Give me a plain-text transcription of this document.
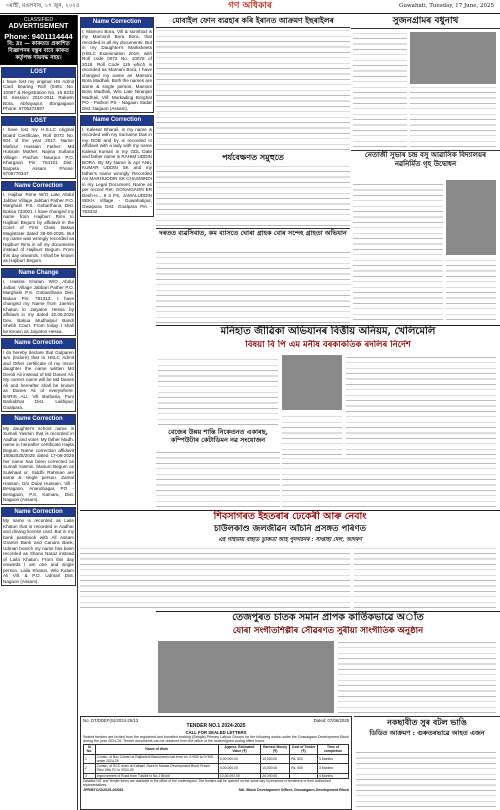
৩মাহী, মঙলবাৰ, ১৭ জুন, ২০২৫	গণ অধিকাৰ	Guwahati, Tuesday, 17 June, 2025
CLASSIFIED
ADVERTISEMENT
Phone: 9401114444
বি: দ্ৰঃ — কাকতত প্ৰকাশিত বিজ্ঞাপনৰ বস্তুৰ বাবে কাকত কৰ্তৃপক্ষ দায়বদ্ধ নহয়।
LOST
I have lost my original HS Admit Card bearing Roll (0491 No. 10087 & Registration No. 16 8232 Sl. Session: 2010-2011. Rakesh Bora, Abhayapur, Bongaigaon Phone: 9706374897
LOST
I have lost my H.S.LC original Board Certificate, Roll 0072 No. 504 of the year 2017. Name: Mafizur Hussain Father: Md Hussain Mother: Najma Sultana Village: Pachim Naurpur P.O. Khargaon Pin: 784101 Dist.: Barpeta Assam Phone: 9706770347
Name Correction
I, Hajibur Rime W/O Late Abdul Jabbar Village Jabbari Pather P.O. Marghalir P.S. Gobarthana Dist. Bokoa 733001. I have changed my name from Hajiburr Rimi to Hajibari Begum by affidavit in the Court of First Class Bakua Magistrate dated 28-06-2025. But my name was wrongly recorded as Hajiburr Rimi in all my documents instead of Hajiburr Begum. From this day onwards, I shall be known as Hajiburr Begum.
Name Change
I, Hasina Khatun W/O Abdul Jalbar, Village Jabbari Pather P.O. Marghalir P.S. Gobardhana Dist. Bakua Pin: 781313. I have changed my Name from Jaemin Khatun to Jaiyaton Hessa by affidavit in my dated 10.06.2025 Dev. Bakua Mudhalpur Bandi Shebh Court. From today I shall be known as Jaiyaton Hessa.
Name Correction
I do hereby declare that Gulparen w/o (Indore) that in HSLC Admit and Other certificate of my minor daughter the name written Md Deroti Ali instead of Md Danes Ali. My correct name will be Md Danes Ali and hereafter shall be known as Danes Ali of everywhere. BARIS ALI, Vill Barbaria, Puni Barkabhat Dist. Lakhipur, Goalpara.
Name Correction
My daughter's school name is Sumali Yasmin that is recorded in Aadhar and voter. My father Madh. name in hereafter certificate Hajita Begum. Name correction affidavit 18062025/2025 dated 17-06-2025 her name has been corrected as Sumali Yasmin. Marium Begum as Sulehaat ur. Siddhi Rahman are same & single person. Zamal Hassan, D/o Dulal Hussain, Vill - Beragaon, Anandnagar, PO - Beragaon, P.S. Kamaru, Dist. Nagaon (Assam).
Name Correction
My name is recorded as Laila Khatun that is recorded in Aadhar and driving license card. But in my bank passbook with All Assam Gramin Bank and Canara Bank, Udmari branch my name has been recorded as Shana Naraz instead of Laila Khatun. From this day onwards I am one and single person. Laila Khatun, W/o Kalam Ali Vill. & P.O. Udmari Dist. Nagaon (Assam).
Name Correction
I, Mamoni Bora, Vill & sunshod is my Mamonil Bora Bora, that recorded in all my documents. But in my Daughter's Marksheets (HSLC Examination 2018, with Roll code 0072 No. 10078 of 2018. Roll Code 115 which is recorded as Mamani Bora, I have changed my name as Mamoni Bora Madhali. Both the names are same & single person. Mamoni Bora Madhali, W/o Late Niranjan Madhali, Vill: Murkading Borghat PO - Pathori PS - Nagaon Sadar Dist: Nagaon (Assam).
Name Correction
I, Kalesar Bharali, in my name is recorded with my Surname Das in my DOB and by is recorded in Affidavit with a lady with my name Kalesa Kumari in my GDL Date and father name is RAHIM UDDIN BORA. By My Name in Apr ANIL KUMAR UDDIN SK and my father's name wrongly Recorded AS MARHUDDIN SK CHASMINDI in my Legal Document. Name as per record Ret: GOSAIGAON ER Desh-H... 9 3 PS, JAMALUDDIN SEKH Village - Guwahatipur, Gwalpara Dist: Goalpara Pin - 783332.
মোবাইল ফোন ব্যৱহাৰ কৰি ইৰানত আক্ৰমণ ইছৰাইলৰ
পৰ্যবেক্ষণত সমুহুতে
দৰতত ব্যৱসিবাত, কম ব্যাসতে ঘোৰা গ্ৰাহক বোৰ সন্দেহ গ্ৰাহতা অভিযান
সুজনগ্ৰামৰ বধুনাথ
নেতাজী সুভাষ চন্দ্ৰ বসু আৱাসিক বিদ্যালয়ৰ নৱনিৰ্মিত গৃহ উদ্বোধন
মনিহাত জীৱিকা অভিযানৰ বিত্তীয় অনিয়ম, খেলিমেলি
বিষয়া বি পি এম মনীষ বৰকাকতিক ৰদলিৰ নিৰ্দেশ
বেজেৰ উন্নয় শান্তি নিকেতনত একাৰছ, কম্পিউটাৰ কেটাডিমন নৱ সংযোজন
শিবসাগৰত ইহতৰাৰ ঢেকেৰী আৰু নেবাং
চাউলকাণ্ড জলজীৱন আঁচনি প্ৰসঙ্গত পৰিণত
এই গাইডীয় বাহাত ডুকিতা আই পুনৰ্গঠনৰ : সাপ্তাহী দেল, আদৰণ
তেজপুৰত চাতক সমান প্ৰাপক কাৰ্তিকভাৱে অাঁত
যোৰা সংগীতশিল্পীৰ সৌৱৰণত সুৰীয়া সাংগীতিক অনুষ্ঠান
No. DT/DDEF(S)/2024-25/13	Dated: 07/06/2025
TENDER NO.1 2024-2025
CALL FOR SEALED LETTERS
Sealed tenders are invited from the registered and bonafied working (Bangla) Primary Labour Groups for the following works under the Gossaigaon Development Block during the year 2024-25. Tender documents can be obtained from the office of the undersigned during office hours.
Sl No.	Name of Work	Approx. Estimated Value (₹)	Earnest Money (₹)	Cost of Tender (₹)	Time of completion
1	Constn. of Box Culvert at Rajbarishi Bamuhanti road from ch. 0+000 to 0+300 under 2024-25	5,00,000.00	10,000.00	Rs. 500	3 Months
2	Constn. of RCC drain at Kathani Jhora in Manas Development Block Pravin Pitru 15th FC in 2024-25	5,00,000.00	10,000.00	Rs. 500	3 Months
3	Improvement of Road from Tulsibil to No.1 Bhoiti	10,00,000.00	20,000.00		4 Months
Detailed NIT and Tender forms are available in the office of the undersigned. The tenders will be opened on the same day in presence of tenderers or their authorized representatives.
JPR/BTC/G/2025-26/083	Sd/- Block Development Officer, Gossaigaon Development Block
নকছাবীত সুৰ বটল ভাঙি
ডিডিত আক্ৰমণ : গুৰুতৰভাৱে আহত এজন
